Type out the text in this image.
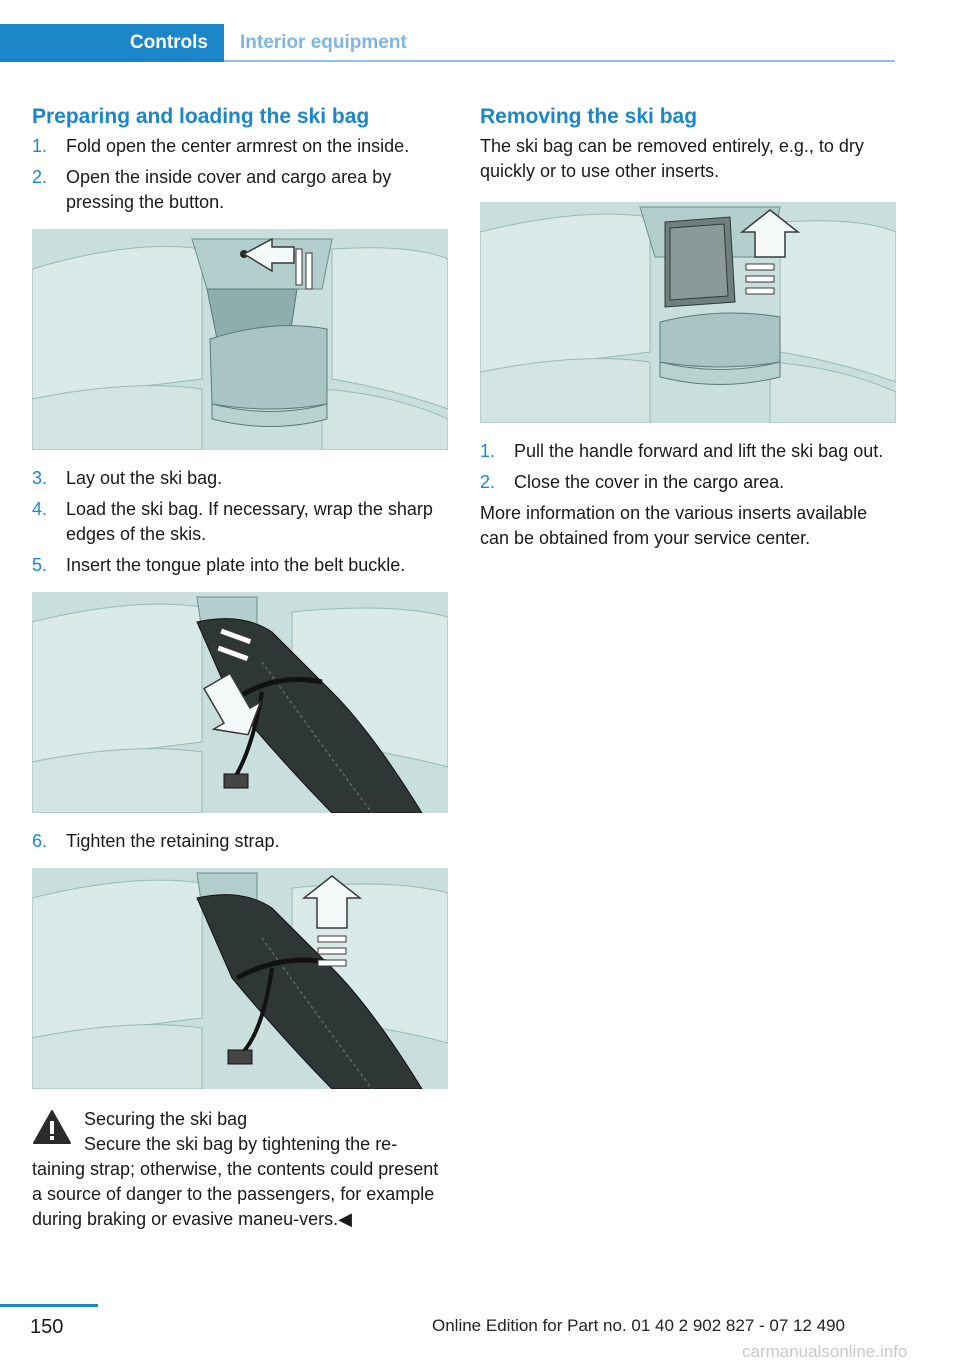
Controls	Interior equipment
Preparing and loading the ski bag
1. Fold open the center armrest on the inside.
2. Open the inside cover and cargo area by pressing the button.
3. Lay out the ski bag.
4. Load the ski bag. If necessary, wrap the sharp edges of the skis.
5. Insert the tongue plate into the belt buckle.
6. Tighten the retaining strap.
Securing the ski bag
Secure the ski bag by tightening the re-taining strap; otherwise, the contents could present a source of danger to the passengers, for example during braking or evasive maneu-vers.◀
Removing the ski bag

The ski bag can be removed entirely, e.g., to dry quickly or to use other inserts.

1. Pull the handle forward and lift the ski bag out.
2. Close the cover in the cargo area.

More information on the various inserts available can be obtained from your service center.

150	Online Edition for Part no. 01 40 2 902 827 - 07 12 490
carmanualsonline.info
